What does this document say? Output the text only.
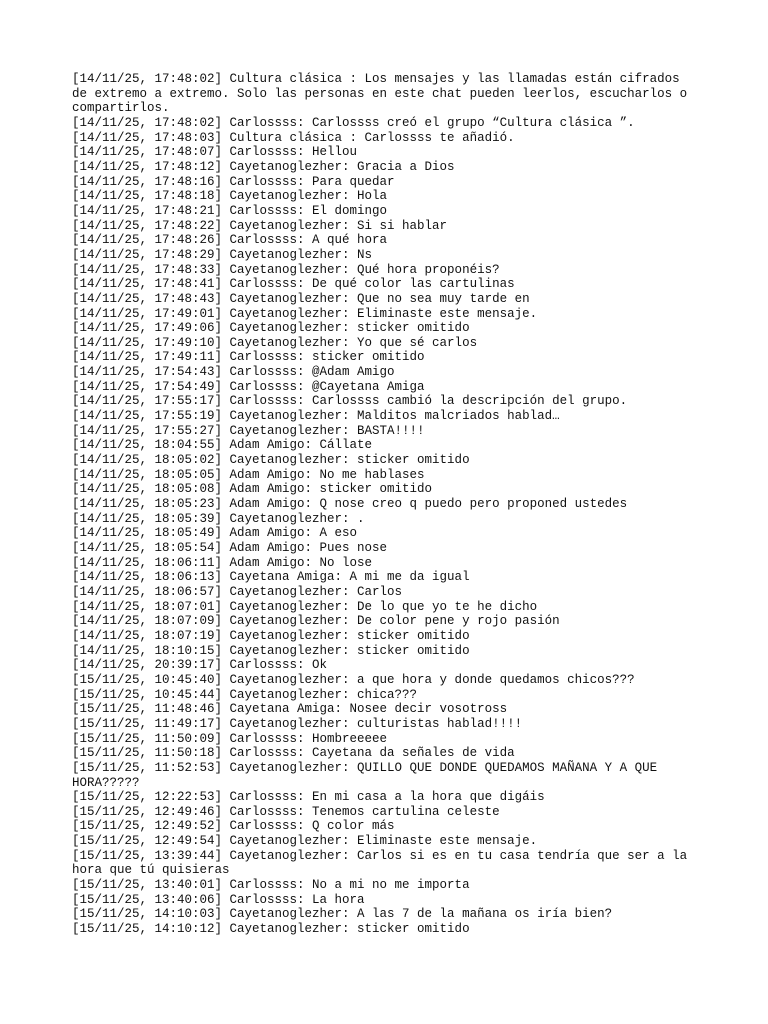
[14/11/25, 17:48:02] Cultura clásica : Los mensajes y las llamadas están cifrados de extremo a extremo. Solo las personas en este chat pueden leerlos, escucharlos o compartirlos.
[14/11/25, 17:48:02] Carlossss: Carlossss creó el grupo “Cultura clásica ”.
[14/11/25, 17:48:03] Cultura clásica : Carlossss te añadió.
[14/11/25, 17:48:07] Carlossss: Hellou
[14/11/25, 17:48:12] Cayetanoglezher: Gracia a Dios
[14/11/25, 17:48:16] Carlossss: Para quedar
[14/11/25, 17:48:18] Cayetanoglezher: Hola
[14/11/25, 17:48:21] Carlossss: El domingo
[14/11/25, 17:48:22] Cayetanoglezher: Si si hablar
[14/11/25, 17:48:26] Carlossss: A qué hora
[14/11/25, 17:48:29] Cayetanoglezher: Ns
[14/11/25, 17:48:33] Cayetanoglezher: Qué hora proponéis?
[14/11/25, 17:48:41] Carlossss: De qué color las cartulinas
[14/11/25, 17:48:43] Cayetanoglezher: Que no sea muy tarde en
[14/11/25, 17:49:01] Cayetanoglezher: Eliminaste este mensaje.
[14/11/25, 17:49:06] Cayetanoglezher: sticker omitido
[14/11/25, 17:49:10] Cayetanoglezher: Yo que sé carlos
[14/11/25, 17:49:11] Carlossss: sticker omitido
[14/11/25, 17:54:43] Carlossss: @Adam Amigo
[14/11/25, 17:54:49] Carlossss: @Cayetana Amiga
[14/11/25, 17:55:17] Carlossss: Carlossss cambió la descripción del grupo.
[14/11/25, 17:55:19] Cayetanoglezher: Malditos malcriados hablad…
[14/11/25, 17:55:27] Cayetanoglezher: BASTA!!!!
[14/11/25, 18:04:55] Adam Amigo: Cállate
[14/11/25, 18:05:02] Cayetanoglezher: sticker omitido
[14/11/25, 18:05:05] Adam Amigo: No me hablases
[14/11/25, 18:05:08] Adam Amigo: sticker omitido
[14/11/25, 18:05:23] Adam Amigo: Q nose creo q puedo pero proponed ustedes
[14/11/25, 18:05:39] Cayetanoglezher: .
[14/11/25, 18:05:49] Adam Amigo: A eso
[14/11/25, 18:05:54] Adam Amigo: Pues nose
[14/11/25, 18:06:11] Adam Amigo: No lose
[14/11/25, 18:06:13] Cayetana Amiga: A mi me da igual
[14/11/25, 18:06:57] Cayetanoglezher: Carlos
[14/11/25, 18:07:01] Cayetanoglezher: De lo que yo te he dicho
[14/11/25, 18:07:09] Cayetanoglezher: De color pene y rojo pasión
[14/11/25, 18:07:19] Cayetanoglezher: sticker omitido
[14/11/25, 18:10:15] Cayetanoglezher: sticker omitido
[14/11/25, 20:39:17] Carlossss: Ok
[15/11/25, 10:45:40] Cayetanoglezher: a que hora y donde quedamos chicos???
[15/11/25, 10:45:44] Cayetanoglezher: chica???
[15/11/25, 11:48:46] Cayetana Amiga: Nosee decir vosotross
[15/11/25, 11:49:17] Cayetanoglezher: culturistas hablad!!!!
[15/11/25, 11:50:09] Carlossss: Hombreeeee
[15/11/25, 11:50:18] Carlossss: Cayetana da señales de vida
[15/11/25, 11:52:53] Cayetanoglezher: QUILLO QUE DONDE QUEDAMOS MAÑANA Y A QUE HORA?????
[15/11/25, 12:22:53] Carlossss: En mi casa a la hora que digáis
[15/11/25, 12:49:46] Carlossss: Tenemos cartulina celeste
[15/11/25, 12:49:52] Carlossss: Q color más
[15/11/25, 12:49:54] Cayetanoglezher: Eliminaste este mensaje.
[15/11/25, 13:39:44] Cayetanoglezher: Carlos si es en tu casa tendría que ser a la hora que tú quisieras
[15/11/25, 13:40:01] Carlossss: No a mi no me importa
[15/11/25, 13:40:06] Carlossss: La hora
[15/11/25, 14:10:03] Cayetanoglezher: A las 7 de la mañana os iría bien?
[15/11/25, 14:10:12] Cayetanoglezher: sticker omitido
